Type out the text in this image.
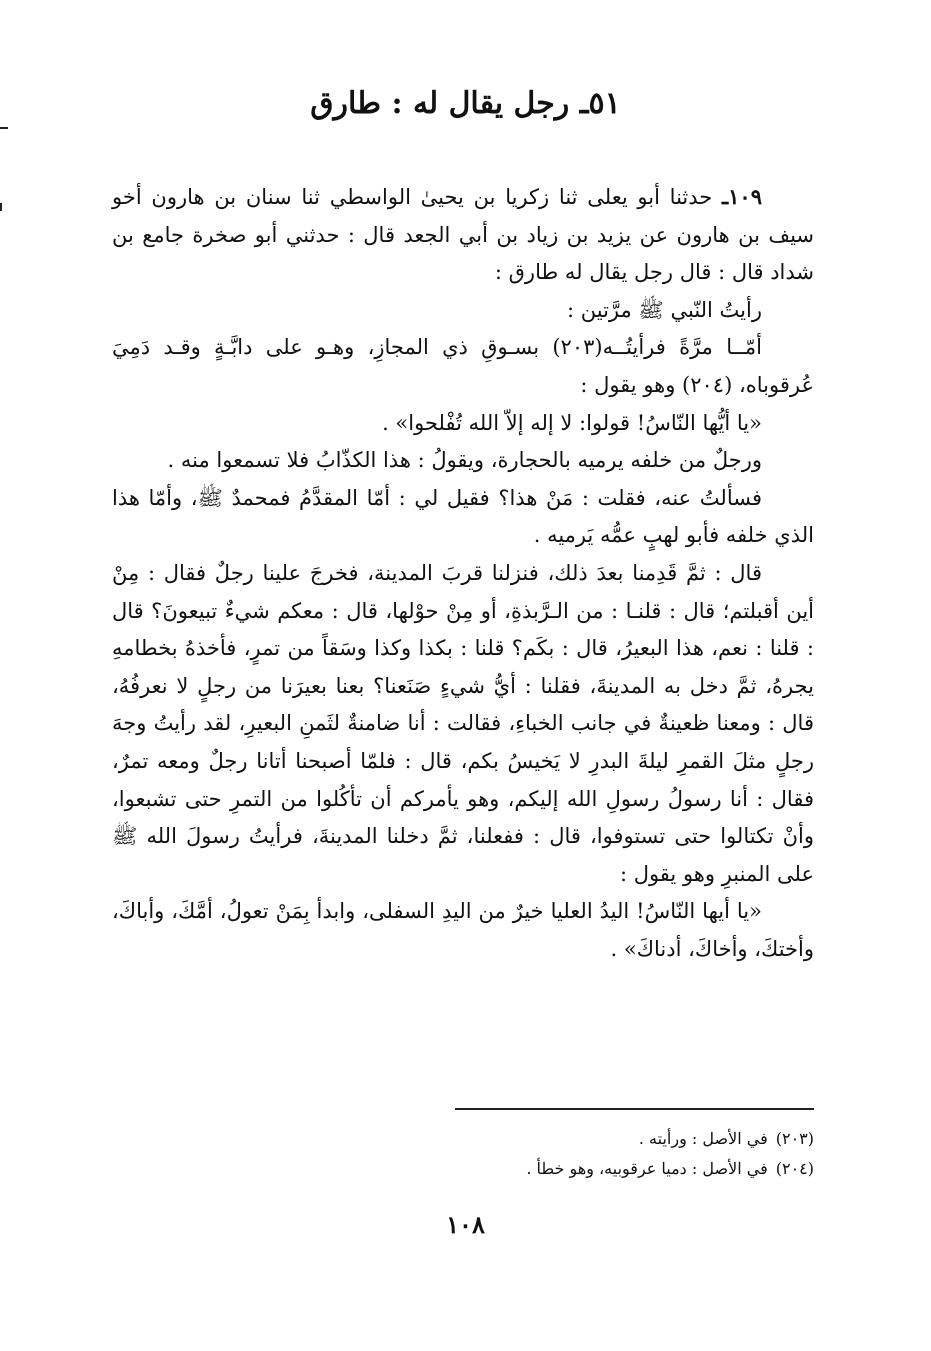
٥١ـ رجل يقال له : طارق

١٠٩ـ حدثنا أبو يعلى ثنا زكريا بن يحيىٰ الواسطي ثنا سنان بن هارون أخو سيف بن هارون عن يزيد بن زياد بن أبي الجعد قال : حدثني أبو صخرة جامع بن شداد قال : قال رجل يقال له طارق :

رأيتُ النّبي ﷺ مرَّتين :

أمّــا مرَّةً فرأيتُــه(٢٠٣) بسـوقِ ذي المجازِ، وهـو على دابَّـةٍ وقـد دَمِيَ عُرقوباه، (٢٠٤) وهو يقول :

«يا أيُّها النّاسُ! قولوا: لا إله إلاّ الله تُفْلحوا» .

ورجلٌ من خلفه يرميه بالحجارة، ويقولُ : هذا الكذّابُ فلا تسمعوا منه .

فسألتُ عنه، فقلت : مَنْ هذا؟ فقيل لي : أمّا المقدَّمُ فمحمدٌ ﷺ، وأمّا هذا الذي خلفه فأبو لهبٍ عمُّه يَرميه .

قال : ثمَّ قَدِمنا بعدَ ذلك، فنزلنا قربَ المدينة، فخرجَ علينا رجلٌ فقال : مِنْ أين أقبلتم؛ قال : قلنـا : من الـرَّبذةِ، أو مِنْ حوْلها، قال : معكم شيءٌ تبيعونَ؟ قال : قلنا : نعم، هذا البعيرُ، قال : بكَم؟ قلنا : بكذا وكذا وسَقاً من تمرٍ، فأخذهُ بخطامهِ يجرهُ، ثمَّ دخل به المدينةَ، فقلنا : أيُّ شيءٍ صَنَعنا؟ بعنا بعيرَنا من رجلٍ لا نعرفُهُ، قال : ومعنا ظعينةٌ في جانب الخباءِ، فقالت : أنا ضامنةٌ لثَمنِ البعيرِ، لقد رأيتُ وجهَ رجلٍ مثلَ القمرِ ليلةَ البدرِ لا يَخيسُ بكم، قال : فلمّا أصبحنا أتانا رجلٌ ومعه تمرٌ، فقال : أنا رسولُ رسولِ الله إليكم، وهو يأمركم أن تأكُلوا من التمرِ حتى تشبعوا، وأنْ تكتالوا حتى تستوفوا، قال : ففعلنا، ثمَّ دخلنا المدينةَ، فرأيتُ رسولَ الله ﷺ على المنبرِ وهو يقول :

«يا أيها النّاسُ! اليدُ العليا خيرٌ من اليدِ السفلى، وابدأ بِمَنْ تعولُ، أمَّكَ، وأباكَ، وأختكَ، وأخاكَ، أدناكَ» .

(٢٠٣)في الأصل : ورأيته .

(٢٠٤)في الأصل : دميا عرقوبيه، وهو خطأ .

١٠٨
